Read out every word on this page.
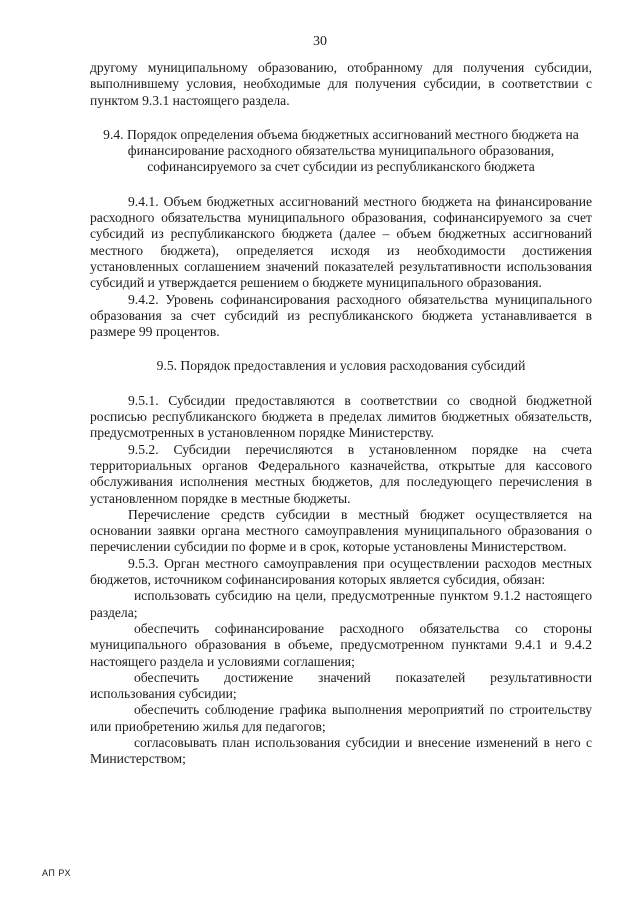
30

другому муниципальному образованию, отобранному для получения субсидии, выполнившему условия, необходимые для получения субсидии, в соответствии с пунктом 9.3.1 настоящего раздела.

9.4. Порядок определения объема бюджетных ассигнований местного бюджета на финансирование расходного обязательства муниципального образования, софинансируемого за счет субсидии из республиканского бюджета

9.4.1. Объем бюджетных ассигнований местного бюджета на финансирование расходного обязательства муниципального образования, софинансируемого за счет субсидий из республиканского бюджета (далее – объем бюджетных ассигнований местного бюджета), определяется исходя из необходимости достижения установленных соглашением значений показателей результативности использования субсидий и утверждается решением о бюджете муниципального образования.

9.4.2. Уровень софинансирования расходного обязательства муниципального образования за счет субсидий из республиканского бюджета устанавливается в размере 99 процентов.

9.5. Порядок предоставления и условия расходования субсидий

9.5.1. Субсидии предоставляются в соответствии со сводной бюджетной росписью республиканского бюджета в пределах лимитов бюджетных обязательств, предусмотренных в установленном порядке Министерству.

9.5.2. Субсидии перечисляются в установленном порядке на счета территориальных органов Федерального казначейства, открытые для кассового обслуживания исполнения местных бюджетов, для последующего перечисления в установленном порядке в местные бюджеты.

Перечисление средств субсидии в местный бюджет осуществляется на основании заявки органа местного самоуправления муниципального образования о перечислении субсидии по форме и в срок, которые установлены Министерством.

9.5.3. Орган местного самоуправления при осуществлении расходов местных бюджетов, источником софинансирования которых является субсидия, обязан:

использовать субсидию на цели, предусмотренные пунктом 9.1.2 настоящего раздела;

обеспечить софинансирование расходного обязательства со стороны муниципального образования в объеме, предусмотренном пунктами 9.4.1 и 9.4.2 настоящего раздела и условиями соглашения;

обеспечить достижение значений показателей результативности использования субсидии;

обеспечить соблюдение графика выполнения мероприятий по строительству или приобретению жилья для педагогов;

согласовывать план использования субсидии и внесение изменений в него с Министерством;

АП РХ
